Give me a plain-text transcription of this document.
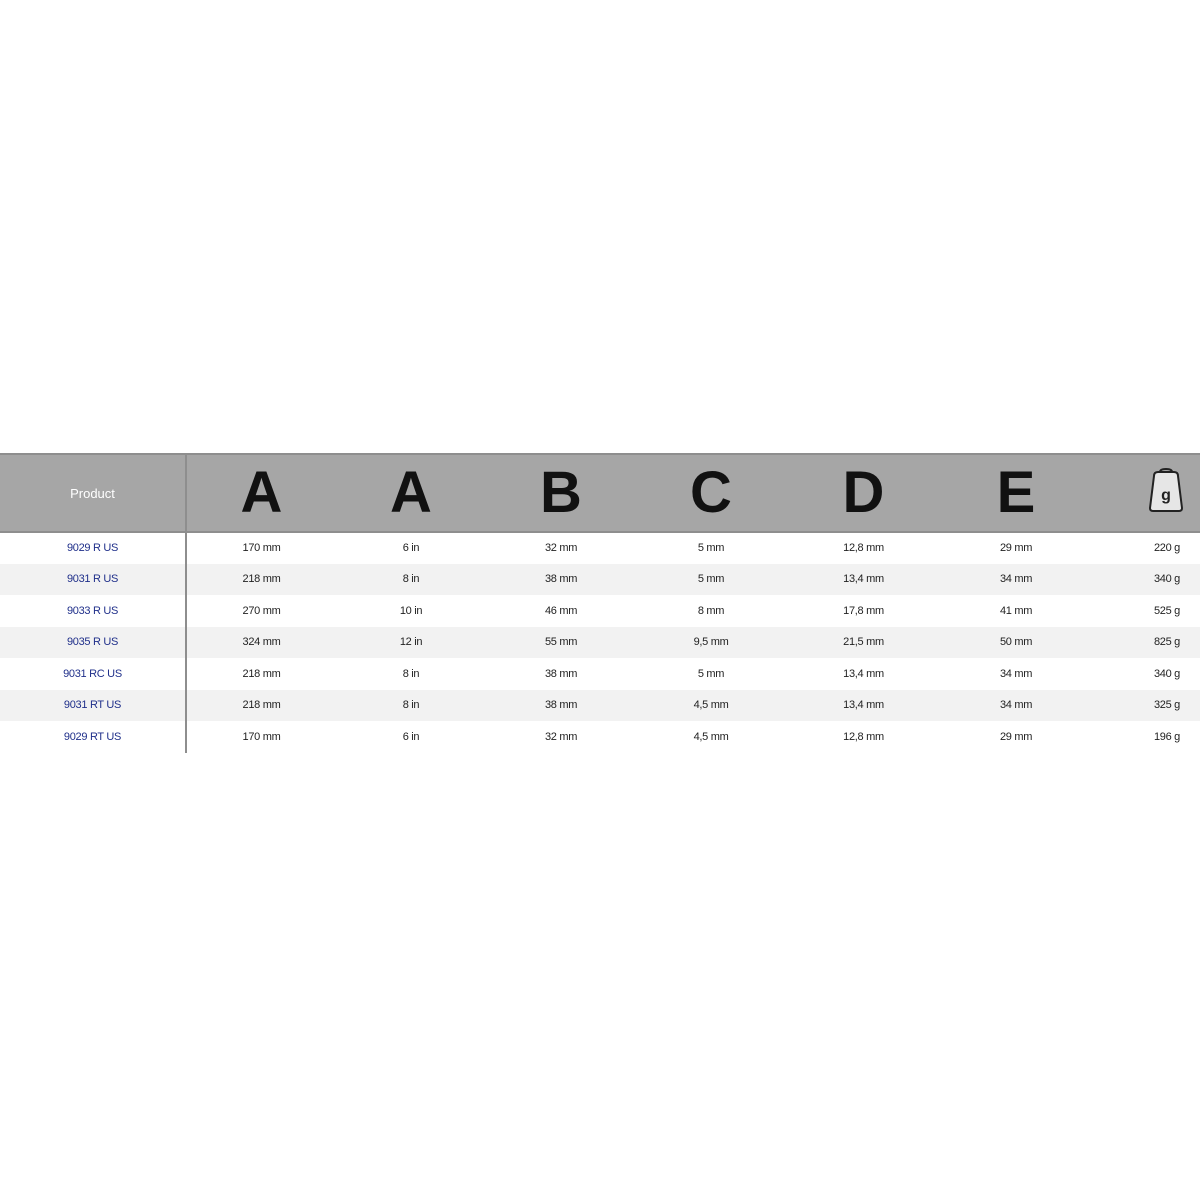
Product	A	A	B	C	D	E	g

9029 R US	170 mm	6 in	32 mm	5 mm	12,8 mm	29 mm	220 g
9031 R US	218 mm	8 in	38 mm	5 mm	13,4 mm	34 mm	340 g
9033 R US	270 mm	10 in	46 mm	8 mm	17,8 mm	41 mm	525 g
9035 R US	324 mm	12 in	55 mm	9,5 mm	21,5 mm	50 mm	825 g
9031 RC US	218 mm	8 in	38 mm	5 mm	13,4 mm	34 mm	340 g
9031 RT US	218 mm	8 in	38 mm	4,5 mm	13,4 mm	34 mm	325 g
9029 RT US	170 mm	6 in	32 mm	4,5 mm	12,8 mm	29 mm	196 g
